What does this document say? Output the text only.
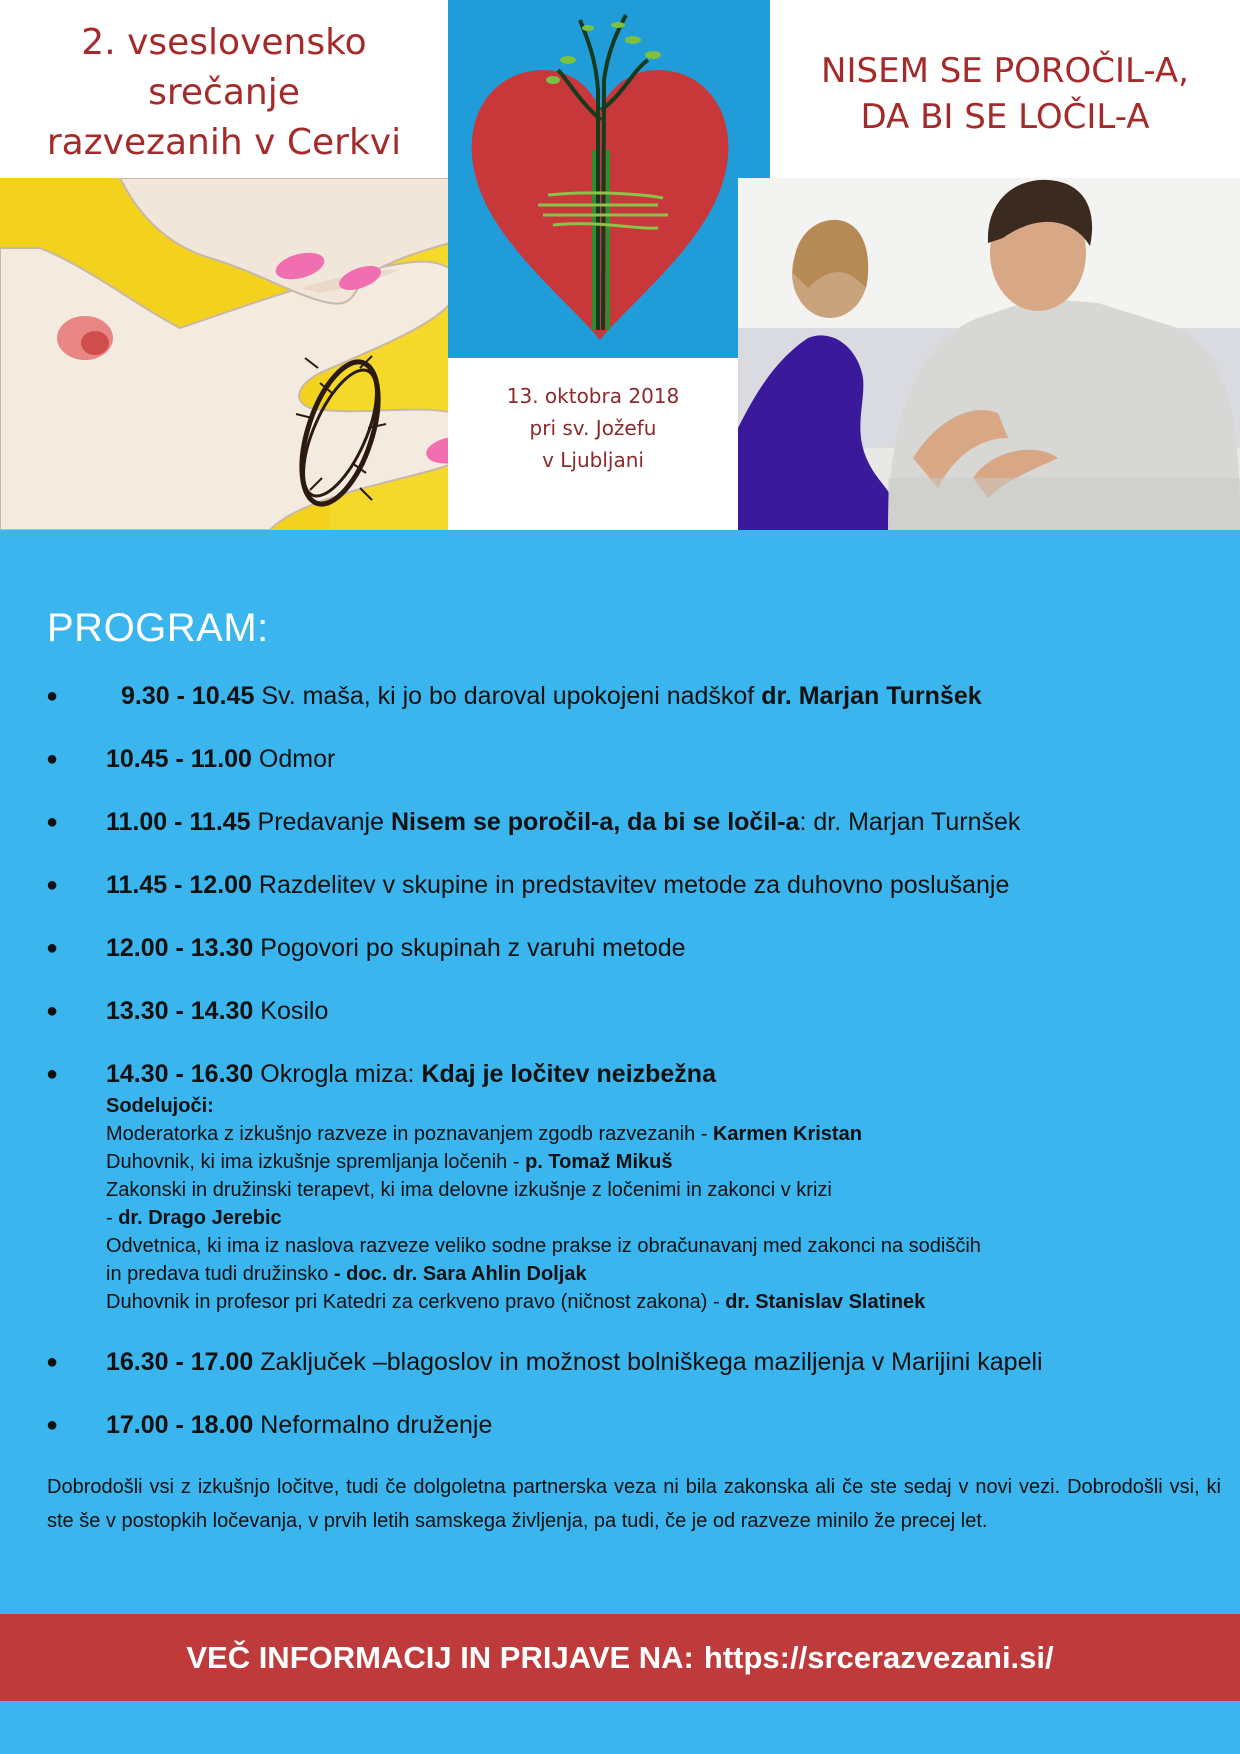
2. vseslovensko
srečanje
razvezanih v Cerkvi
13. oktobra 2018
pri sv. Jožefu
v Ljubljani
NISEM SE POROČIL-A,
DA BI SE LOČIL-A
PROGRAM:
●	9.30 - 10.45 Sv. maša, ki jo bo daroval upokojeni nadškof dr. Marjan Turnšek
● 10.45 - 11.00 Odmor
● 11.00 - 11.45 Predavanje Nisem se poročil-a, da bi se ločil-a: dr. Marjan Turnšek
● 11.45 - 12.00 Razdelitev v skupine in predstavitev metode za duhovno poslušanje
● 12.00 - 13.30 Pogovori po skupinah z varuhi metode
● 13.30 - 14.30 Kosilo
● 14.30 - 16.30 Okrogla miza: Kdaj je ločitev neizbežna
Sodelujoči:
Moderatorka z izkušnjo razveze in poznavanjem zgodb razvezanih - Karmen Kristan
Duhovnik, ki ima izkušnje spremljanja ločenih - p. Tomaž Mikuš
Zakonski in družinski terapevt, ki ima delovne izkušnje z ločenimi in zakonci v krizi
- dr. Drago Jerebic
Odvetnica, ki ima iz naslova razveze veliko sodne prakse iz obračunavanj med zakonci na sodiščih
in predava tudi družinsko - doc. dr. Sara Ahlin Doljak
Duhovnik in profesor pri Katedri za cerkveno pravo (ničnost zakona) - dr. Stanislav Slatinek
● 16.30 - 17.00 Zaključek –blagoslov in možnost bolniškega maziljenja v Marijini kapeli
● 17.00 - 18.00 Neformalno druženje

Dobrodošli vsi z izkušnjo ločitve, tudi če dolgoletna partnerska veza ni bila zakonska ali če ste sedaj v novi vezi. Dobrodošli vsi, ki ste še v postopkih ločevanja, v prvih letih samskega življenja, pa tudi, če je od razveze minilo že precej let.

VEČ INFORMACIJ IN PRIJAVE NA: https://srcerazvezani.si/
